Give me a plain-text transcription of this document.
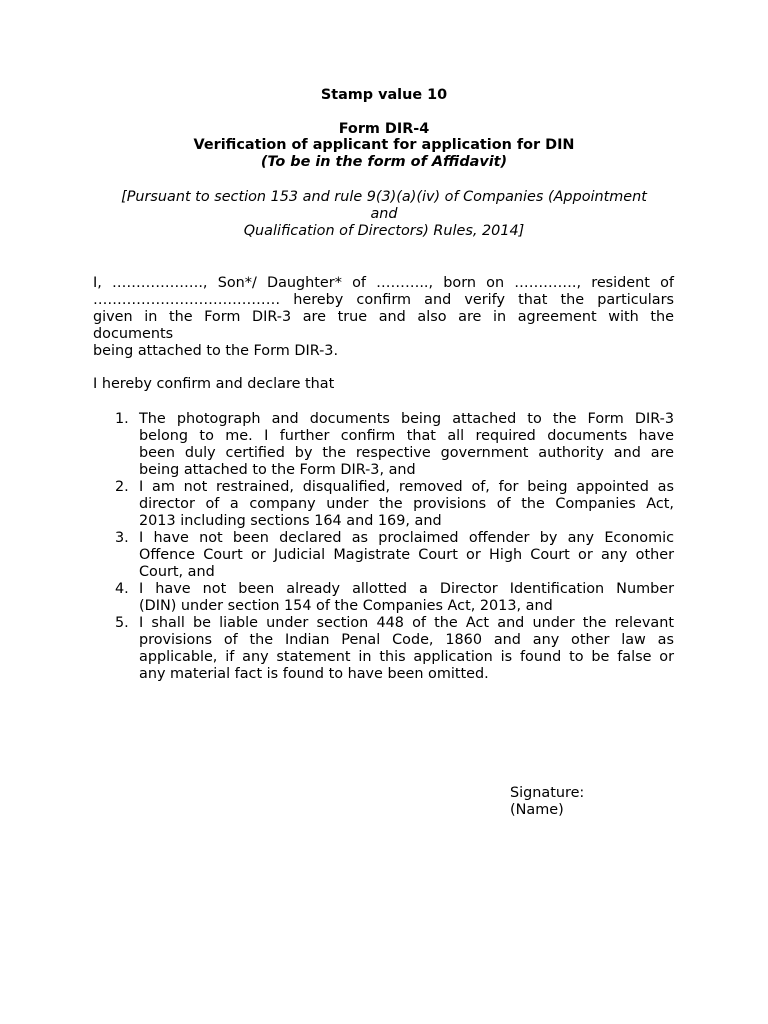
Stamp value 10
Form DIR-4
Verification of applicant for application for DIN
(To be in the form of Affidavit)
[Pursuant to section 153 and rule 9(3)(a)(iv) of Companies (Appointment
and
Qualification of Directors) Rules, 2014]
I, ………………., Son*/ Daughter* of ……….., born on …………., resident of
………………………………… hereby confirm and verify that the particulars
given in the Form DIR-3 are true and also are in agreement with the
documents
being attached to the Form DIR-3.
I hereby confirm and declare that
1. The photograph and documents being attached to the Form DIR-3
belong to me. I further confirm that all required documents have
been duly certified by the respective government authority and are
being attached to the Form DIR-3, and
2. I am not restrained, disqualified, removed of, for being appointed as
director of a company under the provisions of the Companies Act,
2013 including sections 164 and 169, and
3. I have not been declared as proclaimed offender by any Economic
Offence Court or Judicial Magistrate Court or High Court or any other
Court, and
4. I have not been already allotted a Director Identification Number
(DIN) under section 154 of the Companies Act, 2013, and
5. I shall be liable under section 448 of the Act and under the relevant
provisions of the Indian Penal Code, 1860 and any other law as
applicable, if any statement in this application is found to be false or
any material fact is found to have been omitted.
Signature:
(Name)
